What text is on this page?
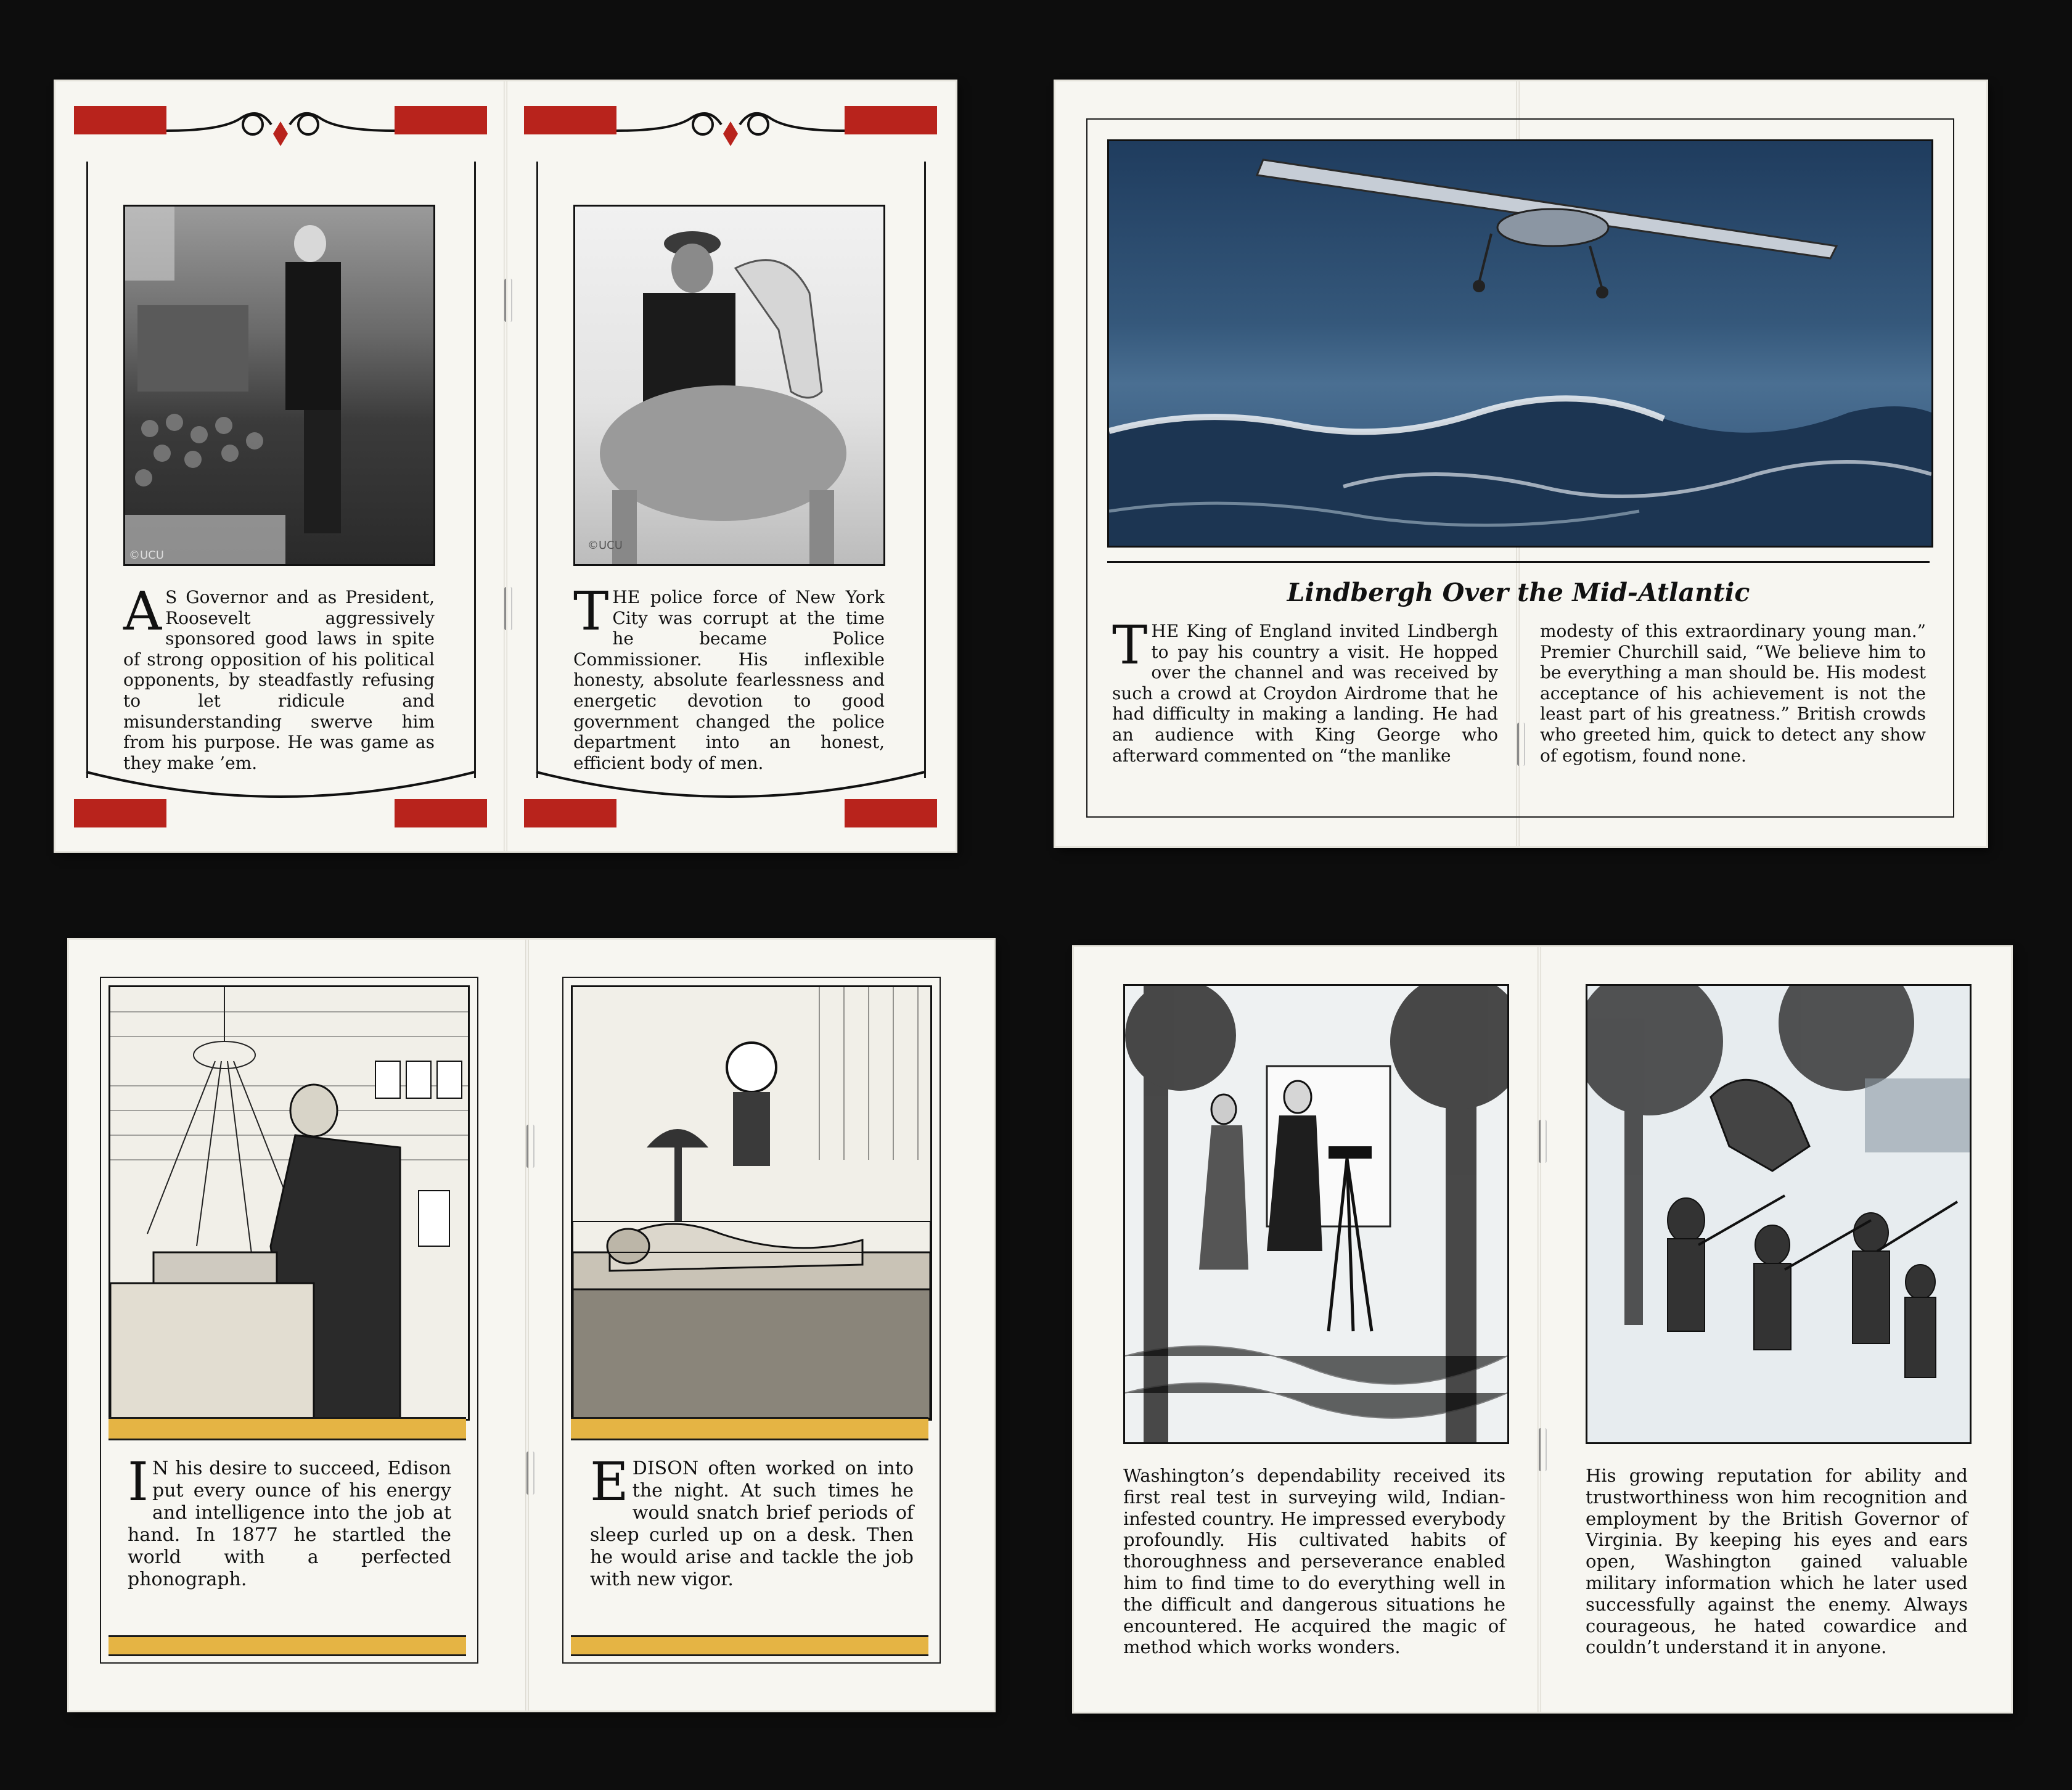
©UCU
A S Governor and as President, Roosevelt aggressively sponsored good laws in spite of strong opposition of his political opponents, by steadfastly refusing to let ridicule and misunderstanding swerve him from his purpose. He was game as they make ’em.
©UCU
THE police force of New York City was corrupt at the time he became Police Commissioner. His inflexible honesty, absolute fearlessness and energetic devotion to good government changed the police department into an honest, efficient body of men.
Lindbergh Over the Mid-Atlantic
THE King of England invited Lindbergh to pay his country a visit. He hopped over the channel and was received by such a crowd at Croydon Airdrome that he had difficulty in making a landing. He had an audience with King George who afterward commented on “the manlike
modesty of this extraordinary young man.” Premier Churchill said, “We believe him to be everything a man should be. His modest acceptance of his achievement is not the least part of his greatness.” British crowds who greeted him, quick to detect any show of egotism, found none.
I N his desire to succeed, Edison put every ounce of his energy and intelligence into the job at hand. In 1877 he startled the world with a perfected phonograph.
EDISON often worked on into the night. At such times he would snatch brief periods of sleep curled up on a desk. Then he would arise and tackle the job with new vigor.
Washington’s dependability received its first real test in surveying wild, Indian-infested country. He impressed everybody profoundly. His cultivated habits of thoroughness and perseverance enabled him to find time to do everything well in the difficult and dangerous situations he encountered. He acquired the magic of method which works wonders.
His growing reputation for ability and trustworthiness won him recognition and employment by the British Governor of Virginia. By keeping his eyes and ears open, Washington gained valuable military information which he later used successfully against the enemy. Always courageous, he hated cowardice and couldn’t understand it in anyone.
